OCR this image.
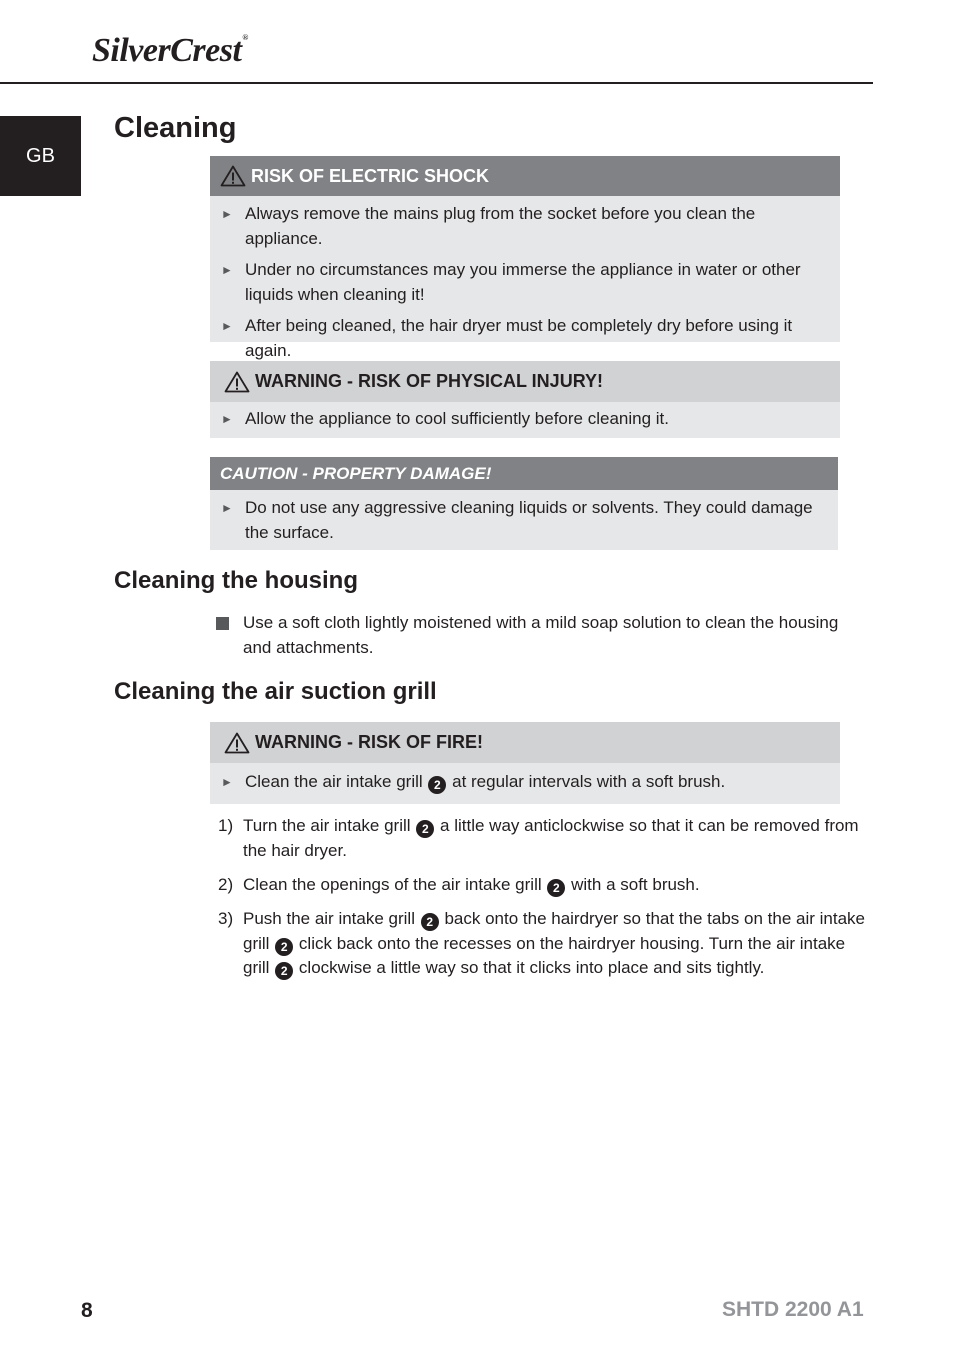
SilverCrest®
GB
Cleaning
RISK OF ELECTRIC SHOCK
► Always remove the mains plug from the socket before you clean the appliance.
► Under no circumstances may you immerse the appliance in water or other liquids when cleaning it!
► After being cleaned, the hair dryer must be completely dry before using it again.
WARNING - RISK OF PHYSICAL INJURY!
► Allow the appliance to cool sufficiently before cleaning it.
CAUTION - PROPERTY DAMAGE!
► Do not use any aggressive cleaning liquids or solvents. They could damage the surface.
Cleaning the housing
Use a soft cloth lightly moistened with a mild soap solution to clean the housing and attachments.
Cleaning the air suction grill
WARNING - RISK OF FIRE!
► Clean the air intake grill 2 at regular intervals with a soft brush.
1) Turn the air intake grill 2 a little way anticlockwise so that it can be removed from the hair dryer.
2) Clean the openings of the air intake grill 2 with a soft brush.
3) Push the air intake grill 2 back onto the hairdryer so that the tabs on the air intake grill 2 click back onto the recesses on the hairdryer housing. Turn the air intake grill 2 clockwise a little way so that it clicks into place and sits tightly.
8	SHTD 2200 A1
